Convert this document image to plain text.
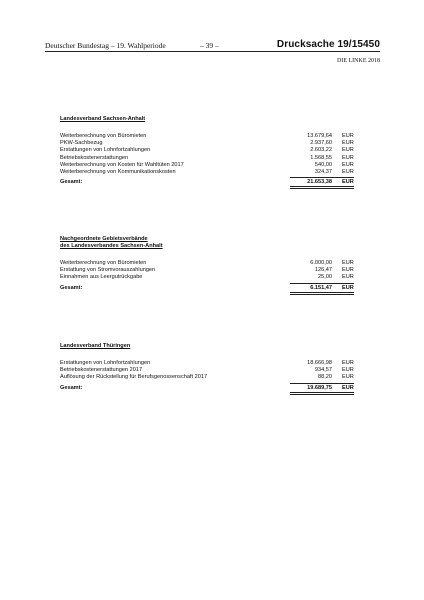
Deutscher Bundestag – 19. Wahlperiode	– 39 –	Drucksache 19/15450
DIE LINKE 2018
Landesverband Sachsen-Anhalt
Weiterberechnung von Büromieten	13.679,64 EUR
PKW-Sachbezug	2.937,60 EUR
Erstattungen von Lohnfortzahlungen	2.603,22 EUR
Betriebskostenerstattungen	1.568,55 EUR
Weiterberechnung von Kosten für Wahltüten 2017	540,00 EUR
Weiterberechnung von Kommunikationskosten	324,37 EUR
Gesamt:	21.653,38 EUR
Nachgeordnete Gebietsverbände
des Landesverbandes Sachsen-Anhalt
Weiterberechnung von Büromieten	6.000,00 EUR
Erstattung von Stromvorauszahlungen	126,47 EUR
Einnahmen aus Leergutrückgabe	25,00 EUR
Gesamt:	6.151,47 EUR
Landesverband Thüringen
Erstattungen von Lohnfortzahlungen	18.666,98 EUR
Betriebskostenerstattungen 2017	934,57 EUR
Auflösung der Rückstellung für Berufsgenossenschaft 2017	88,20 EUR
Gesamt:	19.689,75 EUR
